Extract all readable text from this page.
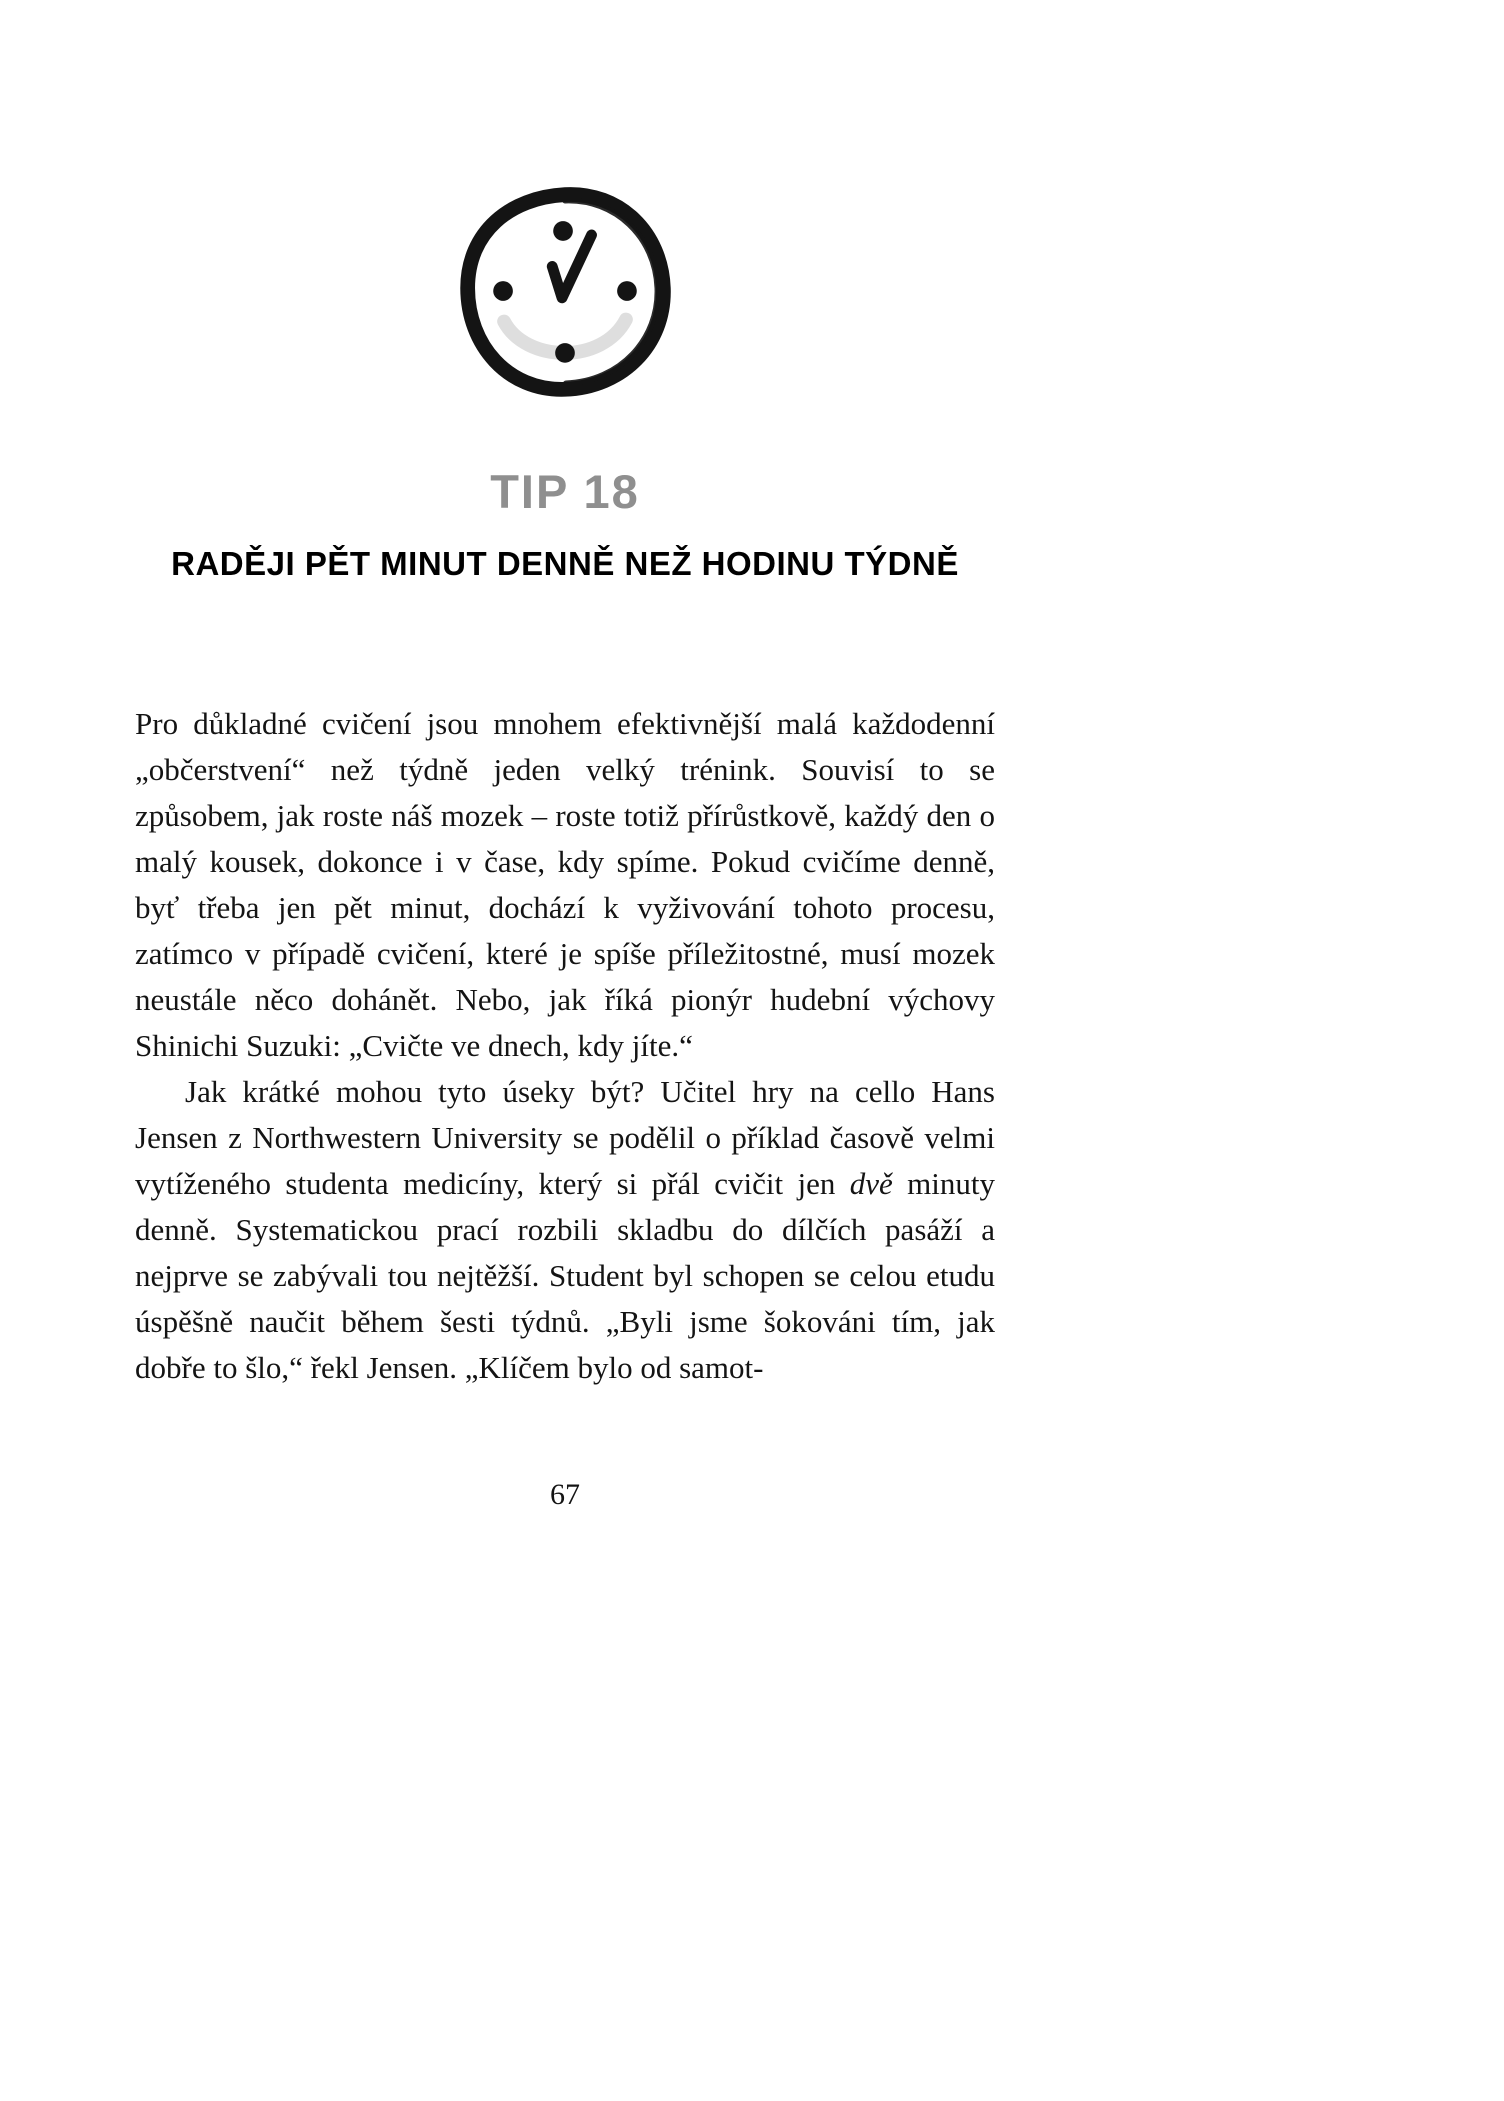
TIP 18
RADĚJI PĚT MINUT DENNĚ NEŽ HODINU TÝDNĚ

Pro důkladné cvičení jsou mnohem efektivnější malá každodenní „občerstvení“ než týdně jeden velký trénink. Souvisí to se způsobem, jak roste náš mozek – roste totiž přírůstkově, každý den o malý kousek, dokonce i v čase, kdy spíme. Pokud cvičíme denně, byť třeba jen pět minut, dochází k vyživování tohoto procesu, zatímco v případě cvičení, které je spíše příležitostné, musí mozek neustále něco dohánět. Nebo, jak říká pionýr hudební výchovy Shinichi Suzuki: „Cvičte ve dnech, kdy jíte.“

Jak krátké mohou tyto úseky být? Učitel hry na cello Hans Jensen z Northwestern University se podělil o příklad časově velmi vytíženého studenta medicíny, který si přál cvičit jen dvě minuty denně. Systematickou prací rozbili skladbu do dílčích pasáží a nejprve se zabývali tou nejtěžší. Student byl schopen se celou etudu úspěšně naučit během šesti týdnů. „Byli jsme šokováni tím, jak dobře to šlo,“ řekl Jensen. „Klíčem bylo od samot-

67
